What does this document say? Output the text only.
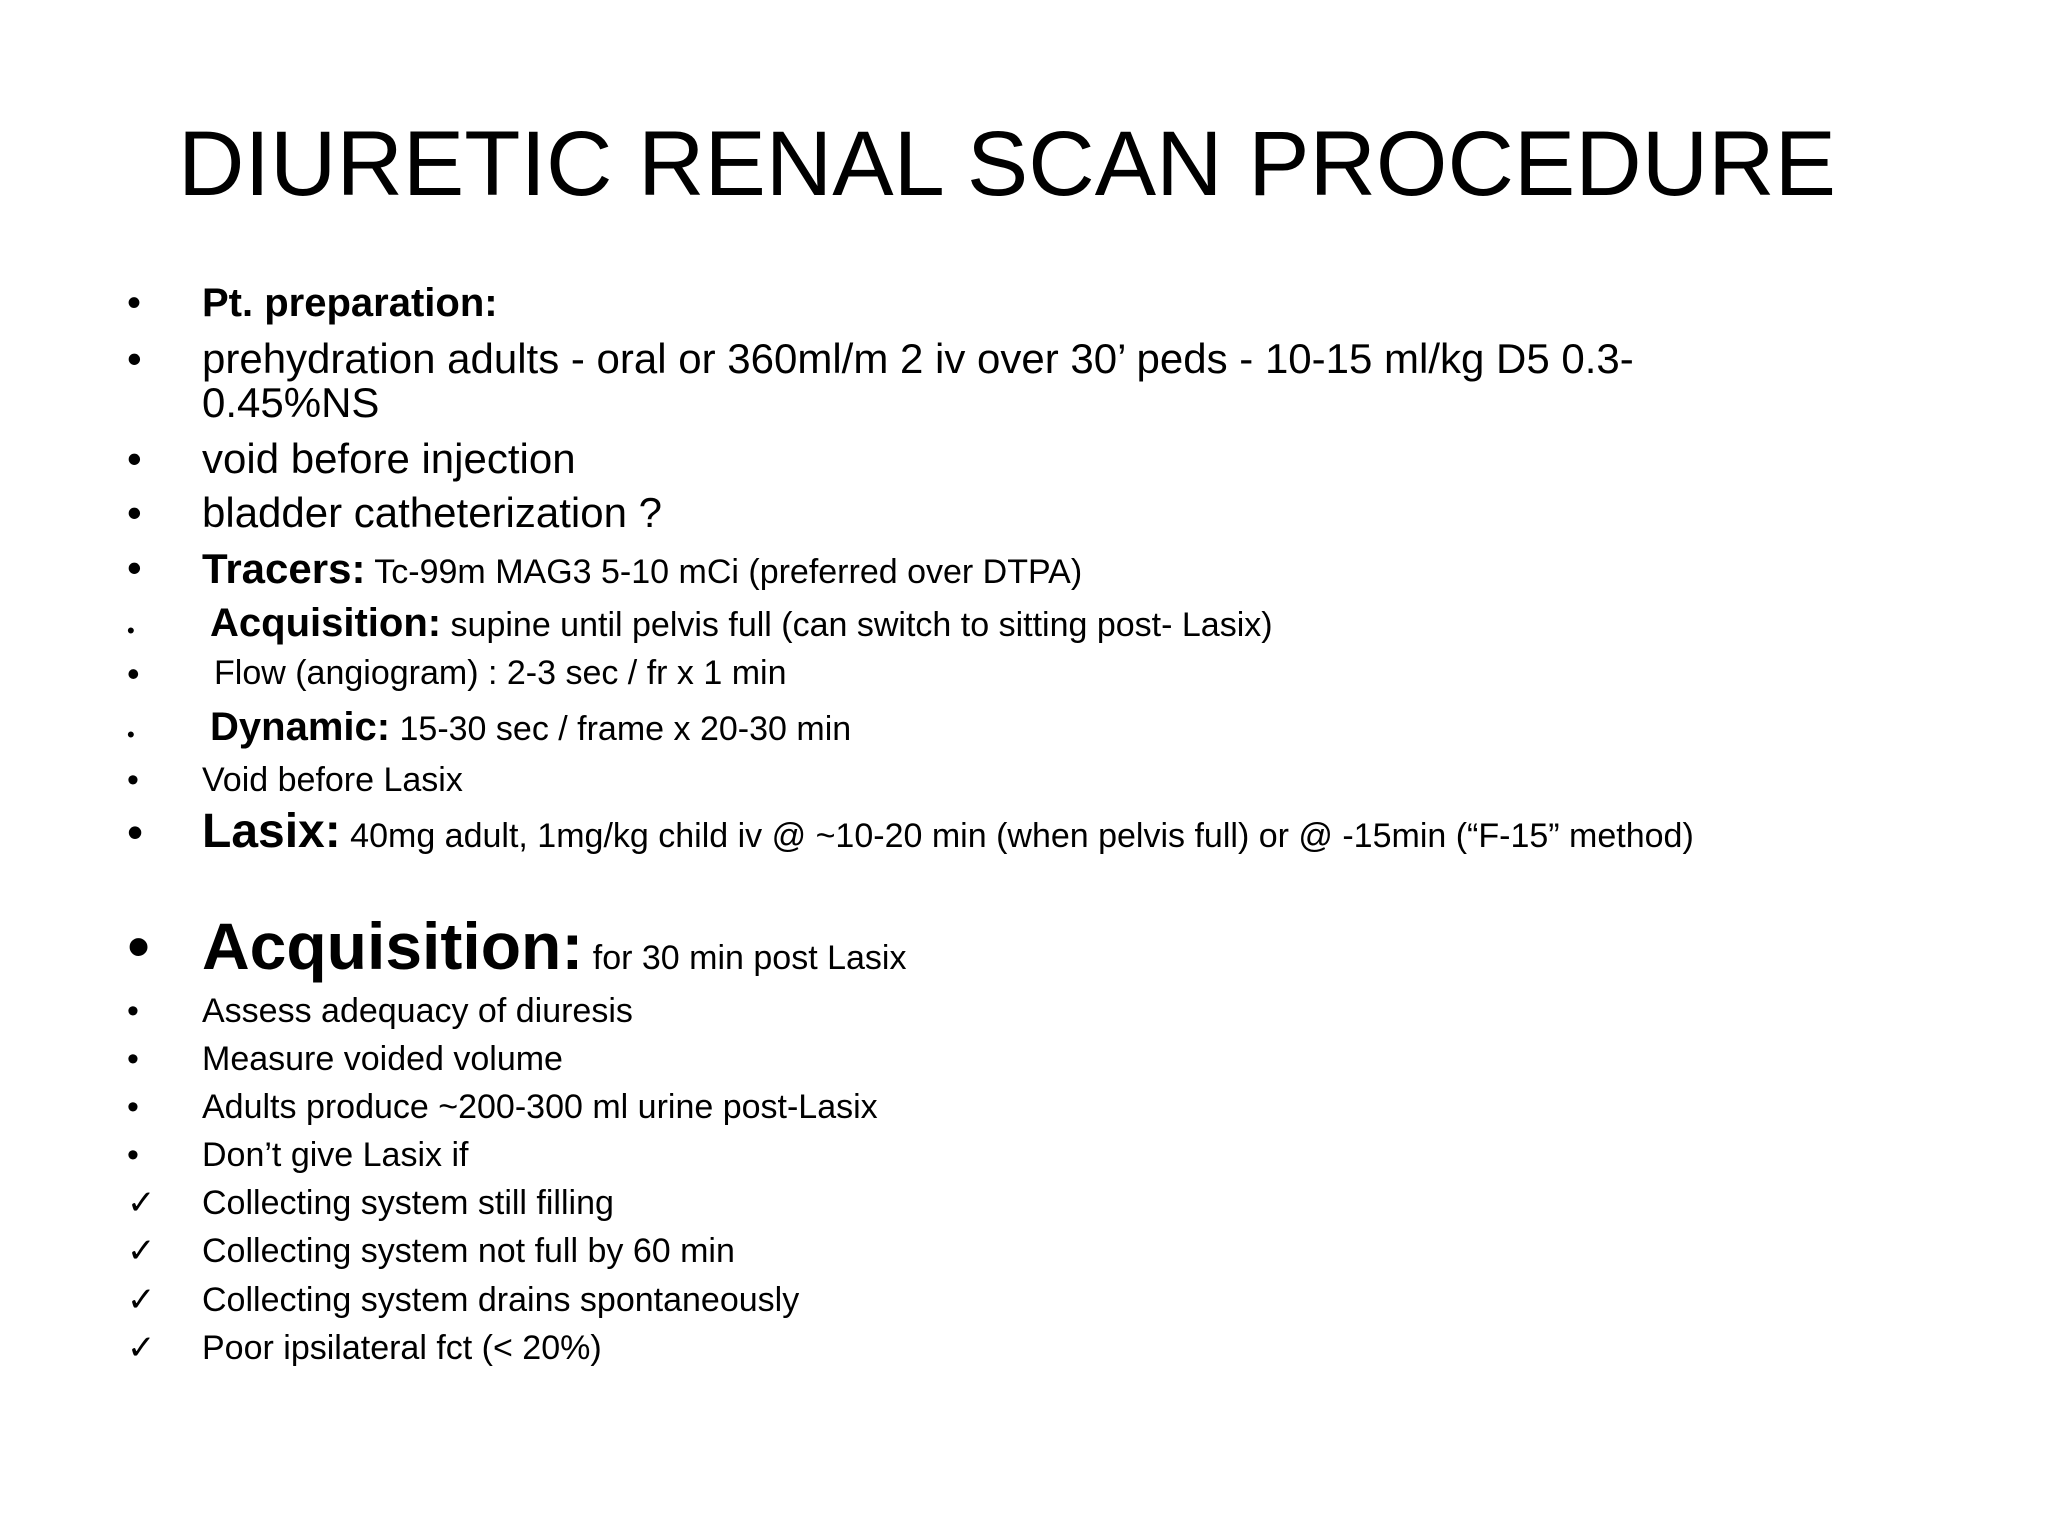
DIURETIC RENAL SCAN PROCEDURE
•	Pt. preparation:
•	prehydration adults - oral or 360ml/m 2 iv over 30’ peds - 10-15 ml/kg D5 0.3-0.45%NS
•	void before injection
•	bladder catheterization ?
•	Tracers: Tc-99m MAG3 5-10 mCi (preferred over DTPA)
•	Acquisition: supine until pelvis full (can switch to sitting post- Lasix)
•	Flow (angiogram) : 2-3 sec / fr x 1 min
•	Dynamic: 15-30 sec / frame x 20-30 min
•	Void before Lasix
•	Lasix: 40mg adult, 1mg/kg child iv @ ~10-20 min (when pelvis full) or @ -15min (“F-15” method)
• Acquisition: for 30 min post Lasix
•	Assess adequacy of diuresis
•	Measure voided volume
•	Adults produce ~200-300 ml urine post-Lasix
•	Don’t give Lasix if
✓	Collecting system still filling
✓	Collecting system not full by 60 min
✓	Collecting system drains spontaneously
✓	Poor ipsilateral fct (< 20%)
